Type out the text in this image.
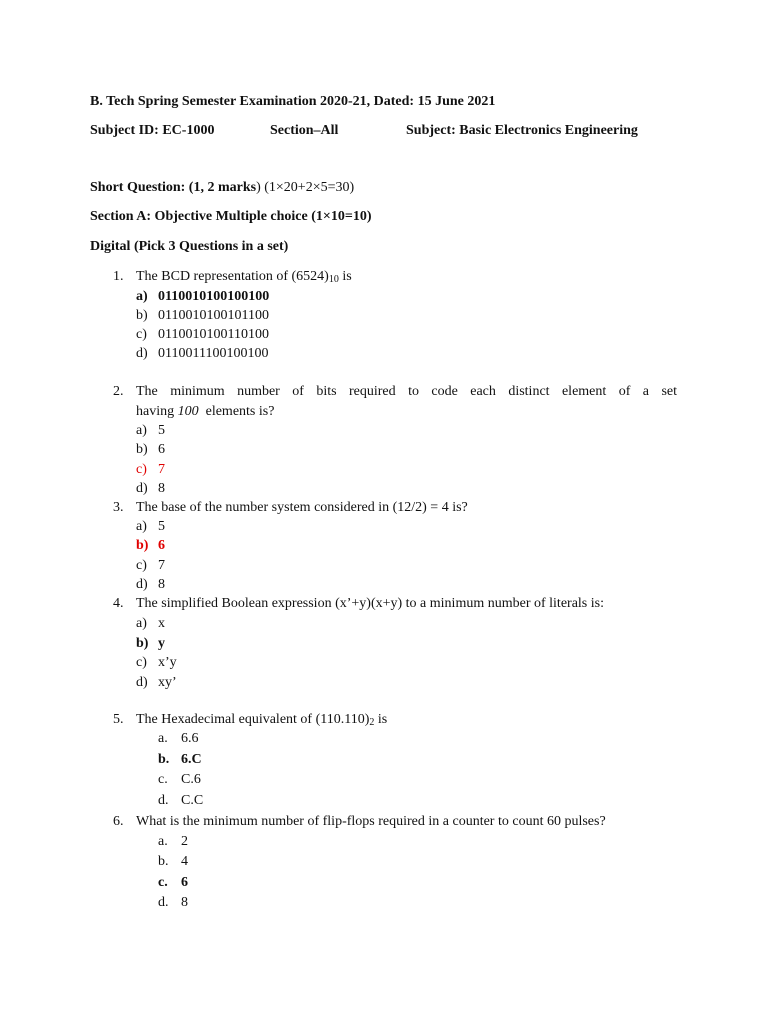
B. Tech Spring Semester Examination 2020-21, Dated: 15 June 2021
Subject ID: EC-1000	Section–All	Subject: Basic Electronics Engineering
Short Question: (1, 2 marks) (1×20+2×5=30)
Section A: Objective Multiple choice (1×10=10)
Digital (Pick 3 Questions in a set)
1. The BCD representation of $(6524)_{10}$ is
a) 0110010100100100
b) 0110010100101100
c) 0110010100110100
d) 0110011100100100
2. The minimum number of bits required to code each distinct element of a set
having 100  elements is?
a) 5
b) 6
c) 7
d) 8
3. The base of the number system considered in (12/2) = 4 is?
a) 5
b) 6
c) 7
d) 8
4. The simplified Boolean expression (x’+y)(x+y) to a minimum number of literals is:
a) x
b) y
c) x’y
d) xy’
5. The Hexadecimal equivalent of $(110.110)_2$ is
a. 6.6
b. 6.C
c. C.6
d. C.C
6. What is the minimum number of flip-flops required in a counter to count 60 pulses?
a. 2
b. 4
c. 6
d. 8
